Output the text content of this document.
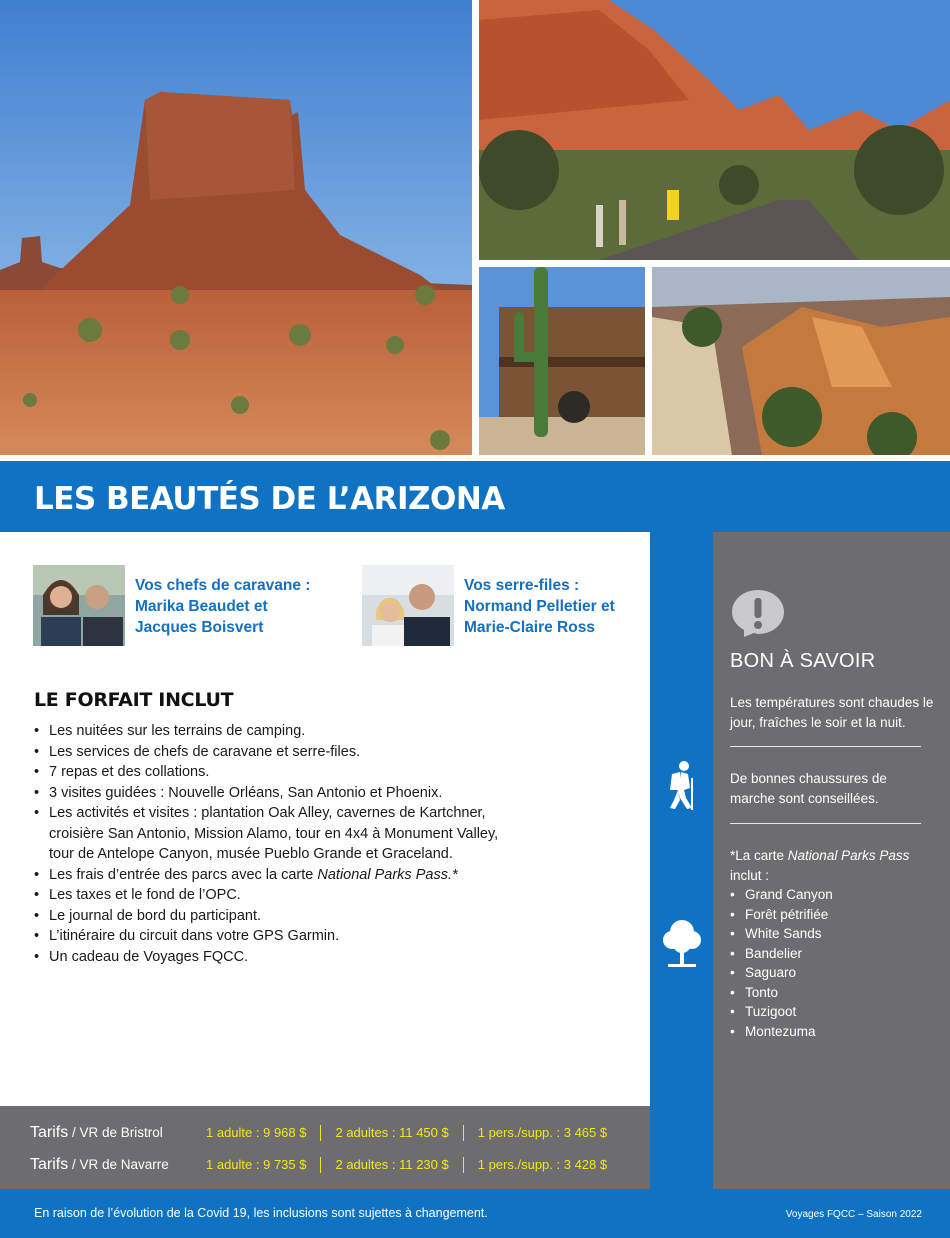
LES BEAUTÉS DE L’ARIZONA
Vos chefs de caravane :
Marika Beaudet et
Jacques Boisvert
Vos serre-files :
Normand Pelletier et
Marie-Claire Ross
LE FORFAIT INCLUT
• Les nuitées sur les terrains de camping.
• Les services de chefs de caravane et serre-files.
• 7 repas et des collations.
• 3 visites guidées : Nouvelle Orléans, San Antonio et Phoenix.
• Les activités et visites : plantation Oak Alley, cavernes de Kartchner,
croisière San Antonio, Mission Alamo, tour en 4x4 à Monument Valley,
tour de Antelope Canyon, musée Pueblo Grande et Graceland.
• Les frais d’entrée des parcs avec la carte National Parks Pass.*
• Les taxes et le fond de l’OPC.
• Le journal de bord du participant.
• L’itinéraire du circuit dans votre GPS Garmin.
• Un cadeau de Voyages FQCC.
Tarifs / VR de Bristrol	1 adulte : 9 968 $	2 adultes : 11 450 $	1 pers./supp. : 3 465 $
Tarifs / VR de Navarre	1 adulte : 9 735 $	2 adultes : 11 230 $	1 pers./supp. : 3 428 $
BON À SAVOIR
Les températures sont chaudes le jour, fraîches le soir et la nuit.
De bonnes chaussures de marche sont conseillées.
*La carte National Parks Pass inclut :
• Grand Canyon
• Forêt pétrifiée
• White Sands
• Bandelier
• Saguaro
• Tonto
• Tuzigoot
• Montezuma
En raison de l’évolution de la Covid 19, les inclusions sont sujettes à changement.	Voyages FQCC – Saison 2022
